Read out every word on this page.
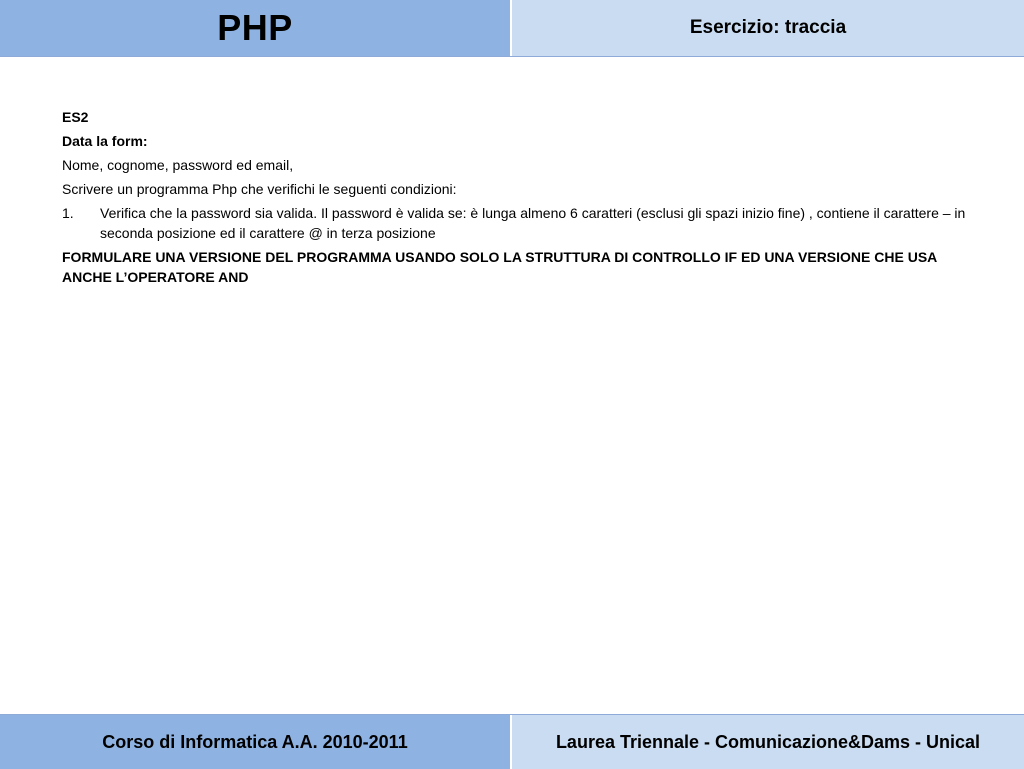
PHP	Esercizio: traccia

ES2

Data la form:

Nome, cognome, password ed email,

Scrivere un programma Php che verifichi le seguenti condizioni:

1.	Verifica che la password sia valida. Il password è valida se: è lunga almeno 6 caratteri (esclusi gli spazi inizio fine) , contiene il carattere – in seconda posizione ed il carattere @ in terza posizione

FORMULARE UNA VERSIONE DEL PROGRAMMA USANDO SOLO LA STRUTTURA DI CONTROLLO IF ED UNA VERSIONE CHE USA ANCHE L’OPERATORE AND

Corso di Informatica A.A. 2010-2011	Laurea Triennale - Comunicazione&Dams - Unical
